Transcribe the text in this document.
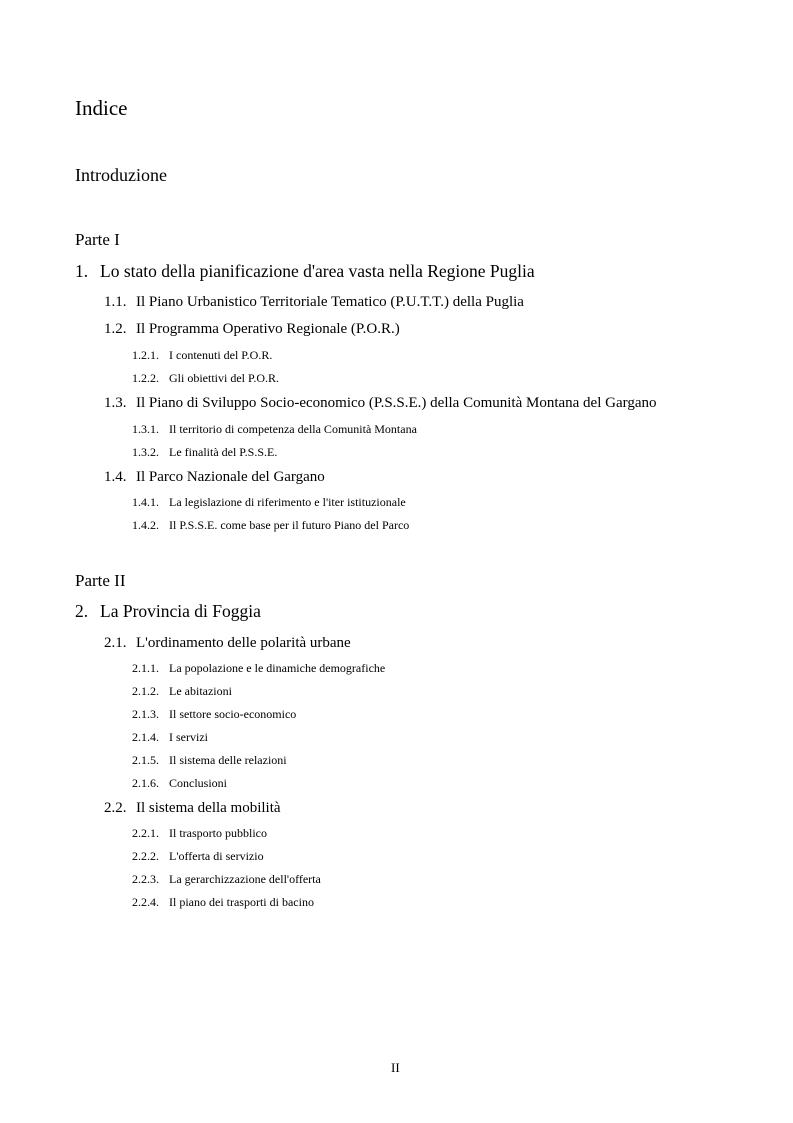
Indice
Introduzione
Parte I
1. Lo stato della pianificazione d'area vasta nella Regione Puglia
1.1. Il Piano Urbanistico Territoriale Tematico (P.U.T.T.) della Puglia
1.2. Il Programma Operativo Regionale (P.O.R.)
1.2.1. I contenuti del P.O.R.
1.2.2. Gli obiettivi del P.O.R.
1.3. Il Piano di Sviluppo Socio-economico (P.S.S.E.) della Comunità Montana del Gargano
1.3.1. Il territorio di competenza della Comunità Montana
1.3.2. Le finalità del P.S.S.E.
1.4. Il Parco Nazionale del Gargano
1.4.1. La legislazione di riferimento e l'iter istituzionale
1.4.2. Il P.S.S.E. come base per il futuro Piano del Parco
Parte II
2. La Provincia di Foggia
2.1. L'ordinamento delle polarità urbane
2.1.1. La popolazione e le dinamiche demografiche
2.1.2. Le abitazioni
2.1.3. Il settore socio-economico
2.1.4. I servizi
2.1.5. Il sistema delle relazioni
2.1.6. Conclusioni
2.2. Il sistema della mobilità
2.2.1. Il trasporto pubblico
2.2.2. L'offerta di servizio
2.2.3. La gerarchizzazione dell'offerta
2.2.4. Il piano dei trasporti di bacino
II
